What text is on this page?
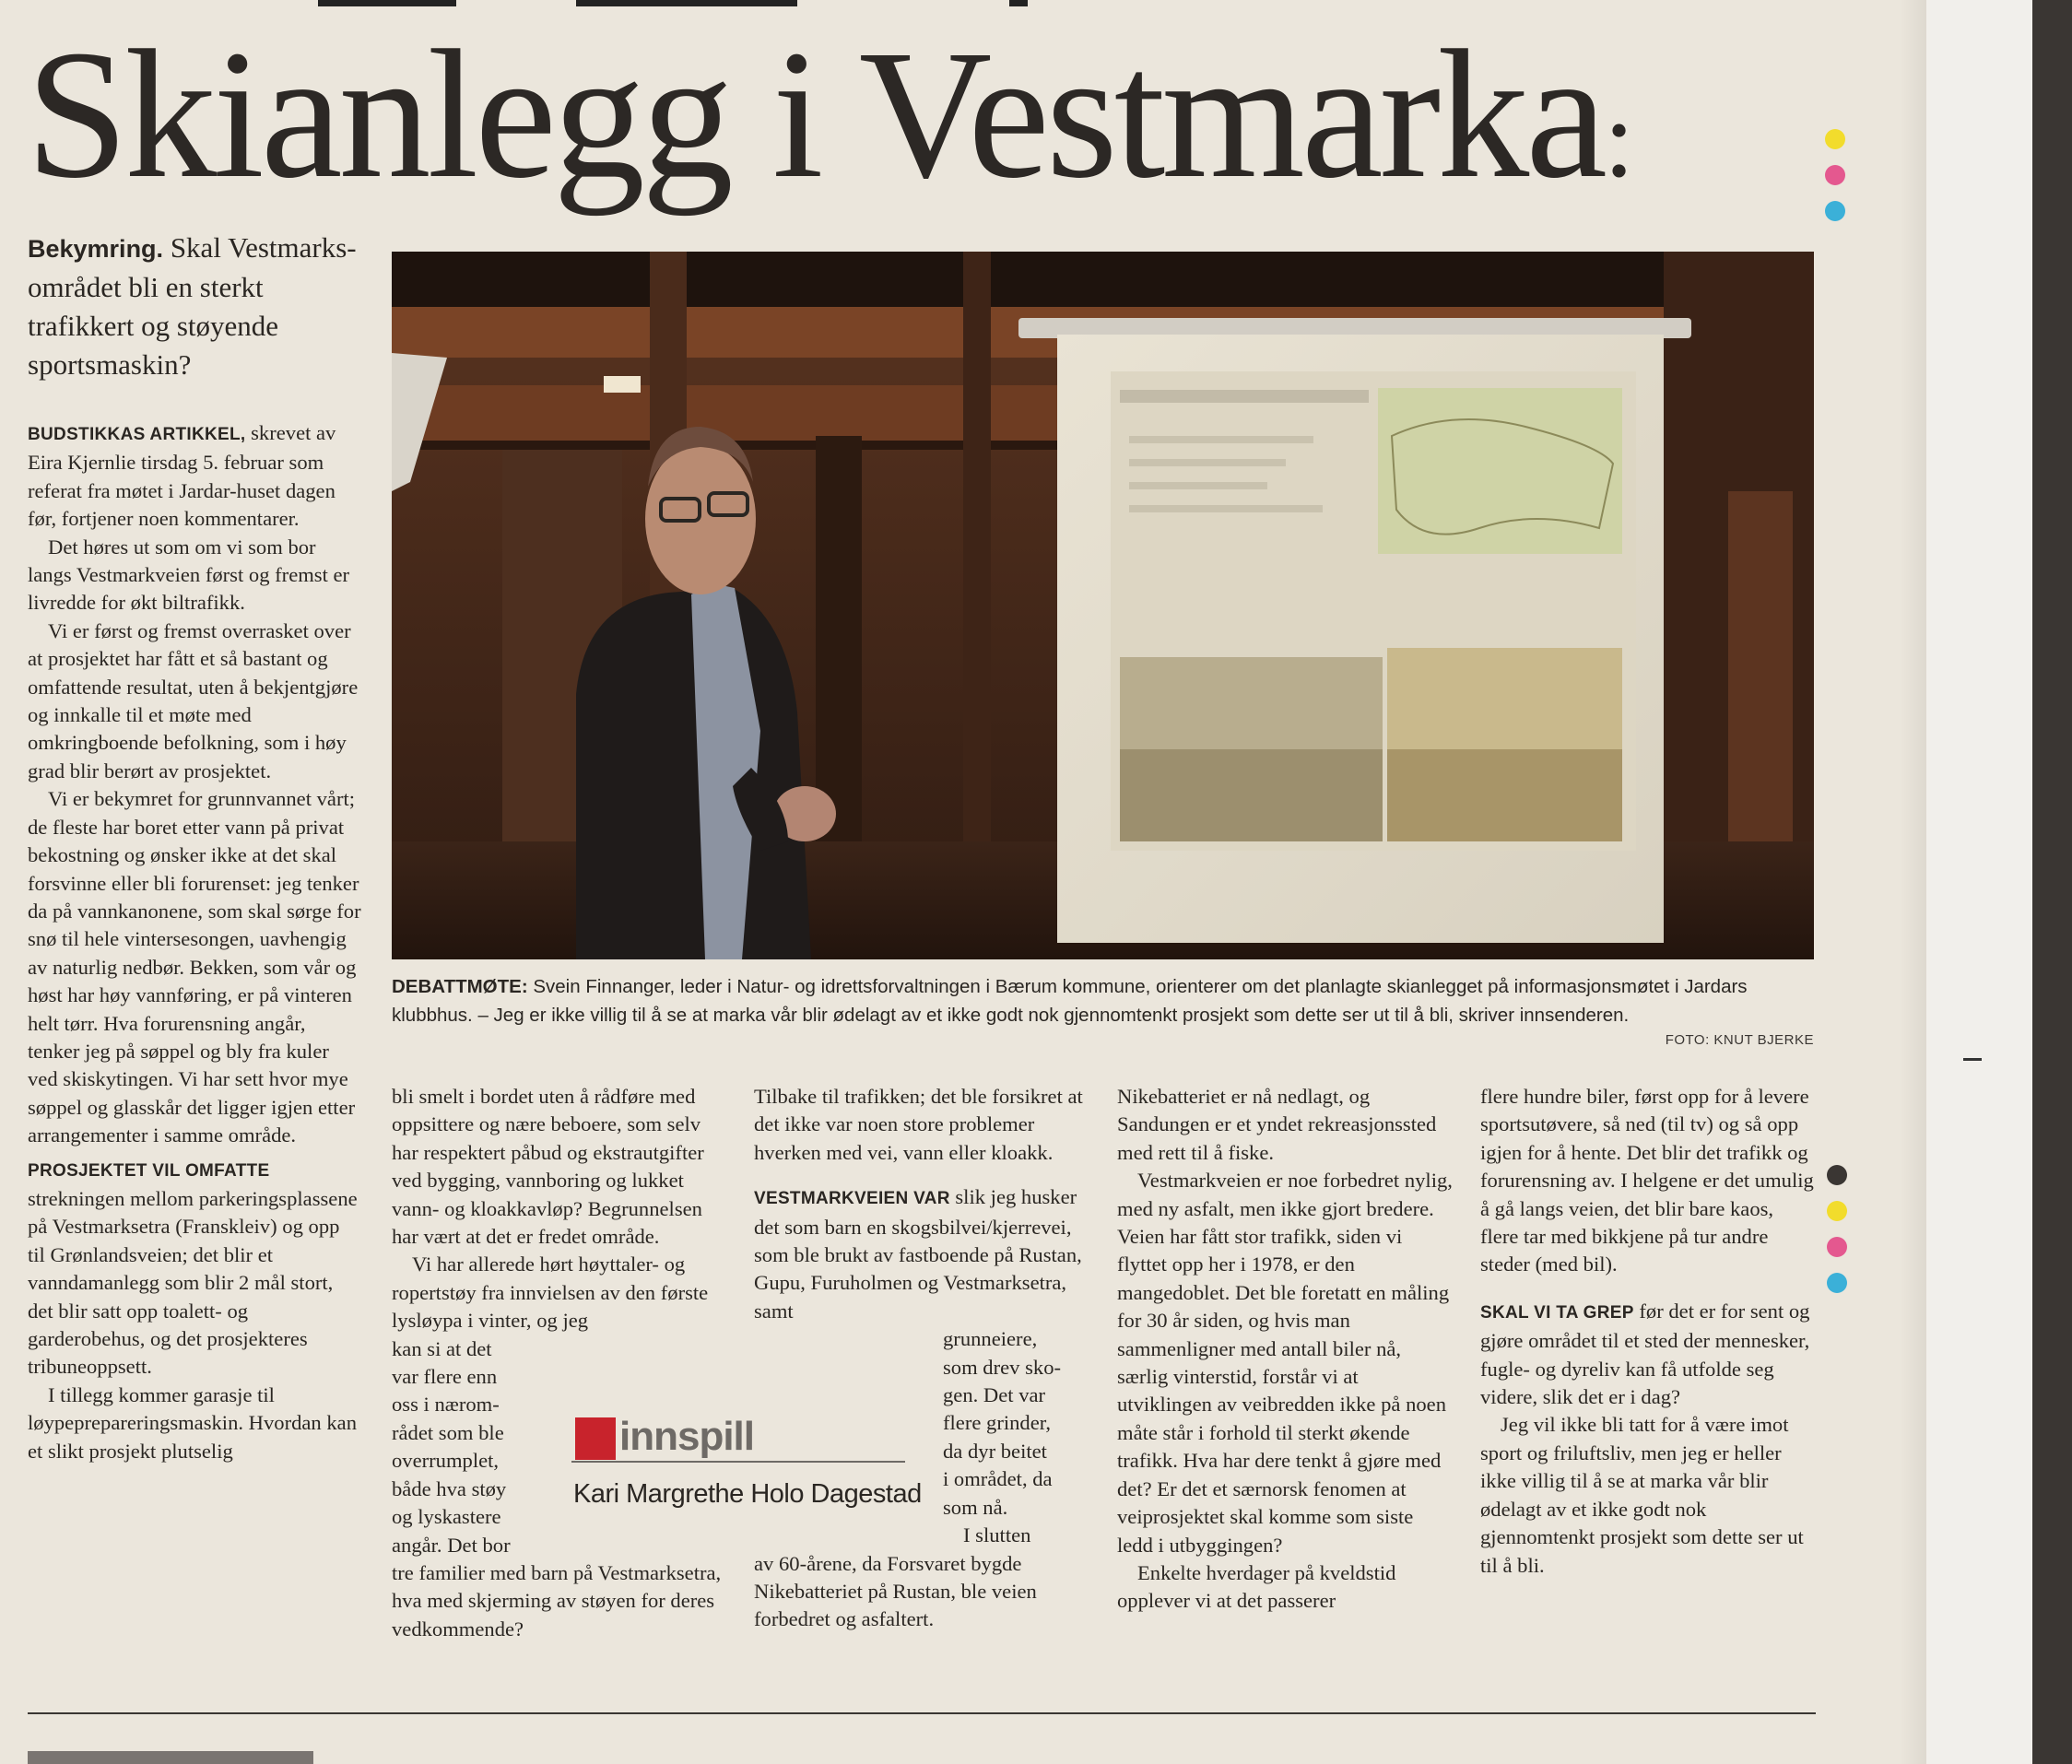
Skianlegg i Vestmarka:
Bekymring. Skal Vestmarks-området bli en sterkt trafikkert og støyende sportsmaskin?

BUDSTIKKAS ARTIKKEL, skrevet av Eira Kjernlie tirsdag 5. februar som referat fra møtet i Jardar-huset dagen før, fortjener noen kommentarer.

Det høres ut som om vi som bor langs Vestmarkveien først og fremst er livredde for økt biltrafikk.

Vi er først og fremst overrasket over at prosjektet har fått et så bastant og omfattende resultat, uten å bekjentgjøre og innkalle til et møte med omkringboende befolkning, som i høy grad blir berørt av prosjektet.

Vi er bekymret for grunnvannet vårt; de fleste har boret etter vann på privat bekostning og ønsker ikke at det skal forsvinne eller bli forurenset: jeg tenker da på vannkanonene, som skal sørge for snø til hele vintersesongen, uavhengig av naturlig nedbør. Bekken, som vår og høst har høy vannføring, er på vinteren helt tørr. Hva forurensning angår, tenker jeg på søppel og bly fra kuler ved skiskytingen. Vi har sett hvor mye søppel og glasskår det ligger igjen etter arrangementer i samme område.

PROSJEKTET VIL OMFATTE strekningen mellom parkeringsplassene på Vestmarksetra (Franskleiv) og opp til Grønlandsveien; det blir et vanndamanlegg som blir 2 mål stort, det blir satt opp toalett- og garderobehus, og det prosjekteres tribuneoppsett.

I tillegg kommer garasje til løypeprepareringsmaskin. Hvordan kan et slikt prosjekt plutselig

DEBATTMØTE: Svein Finnanger, leder i Natur- og idrettsforvaltningen i Bærum kommune, orienterer om det planlagte skianlegget på informasjonsmøtet i Jardars klubbhus. – Jeg er ikke villig til å se at marka vår blir ødelagt av et ikke godt nok gjennomtenkt prosjekt som dette ser ut til å bli, skriver innsenderen.
FOTO: KNUT BJERKE

bli smelt i bordet uten å rådføre med oppsittere og nære beboere, som selv har respektert påbud og ekstrautgifter ved bygging, vannboring og lukket vann- og kloakkavløp? Begrunnelsen har vært at det er fredet område.

Vi har allerede hørt høyttaler- og ropertstøy fra innvielsen av den første lysløypa i vinter, og jeg

kan si at det
var flere enn
oss i nærom-
rådet som ble
overrumplet,
både hva støy
og lyskastere
angår. Det bor
tre familier med barn på Vestmarksetra, hva med skjerming av støyen for deres vedkommende?

Tilbake til trafikken; det ble forsikret at det ikke var noen store problemer hverken med vei, vann eller kloakk.

VESTMARKVEIEN VAR slik jeg husker det som barn en skogsbilvei/kjerrevei, som ble brukt av fastboende på Rustan, Gupu, Furuholmen og Vestmarksetra, samt

grunneiere,
som drev sko-
gen. Det var
flere grinder,
da dyr beitet
i området, da
som nå.
I slutten
av 60-årene, da Forsvaret bygde Nikebatteriet på Rustan, ble veien forbedret og asfaltert.
innspill
Kari Margrethe Holo Dagestad

Nikebatteriet er nå nedlagt, og Sandungen er et yndet rekreasjonssted med rett til å fiske.

Vestmarkveien er noe forbedret nylig, med ny asfalt, men ikke gjort bredere. Veien har fått stor trafikk, siden vi flyttet opp her i 1978, er den mangedoblet. Det ble foretatt en måling for 30 år siden, og hvis man sammenligner med antall biler nå, særlig vinterstid, forstår vi at utviklingen av veibredden ikke på noen måte står i forhold til sterkt økende trafikk. Hva har dere tenkt å gjøre med det? Er det et særnorsk fenomen at veiprosjektet skal komme som siste ledd i utbyggingen?

Enkelte hverdager på kveldstid opplever vi at det passerer

flere hundre biler, først opp for å levere sportsutøvere, så ned (til tv) og så opp igjen for å hente. Det blir det trafikk og forurensning av. I helgene er det umulig å gå langs veien, det blir bare kaos, flere tar med bikkjene på tur andre steder (med bil).

SKAL VI TA GREP før det er for sent og gjøre området til et sted der mennesker, fugle- og dyreliv kan få utfolde seg videre, slik det er i dag?

Jeg vil ikke bli tatt for å være imot sport og friluftsliv, men jeg er heller ikke villig til å se at marka vår blir ødelagt av et ikke godt nok gjennomtenkt prosjekt som dette ser ut til å bli.
